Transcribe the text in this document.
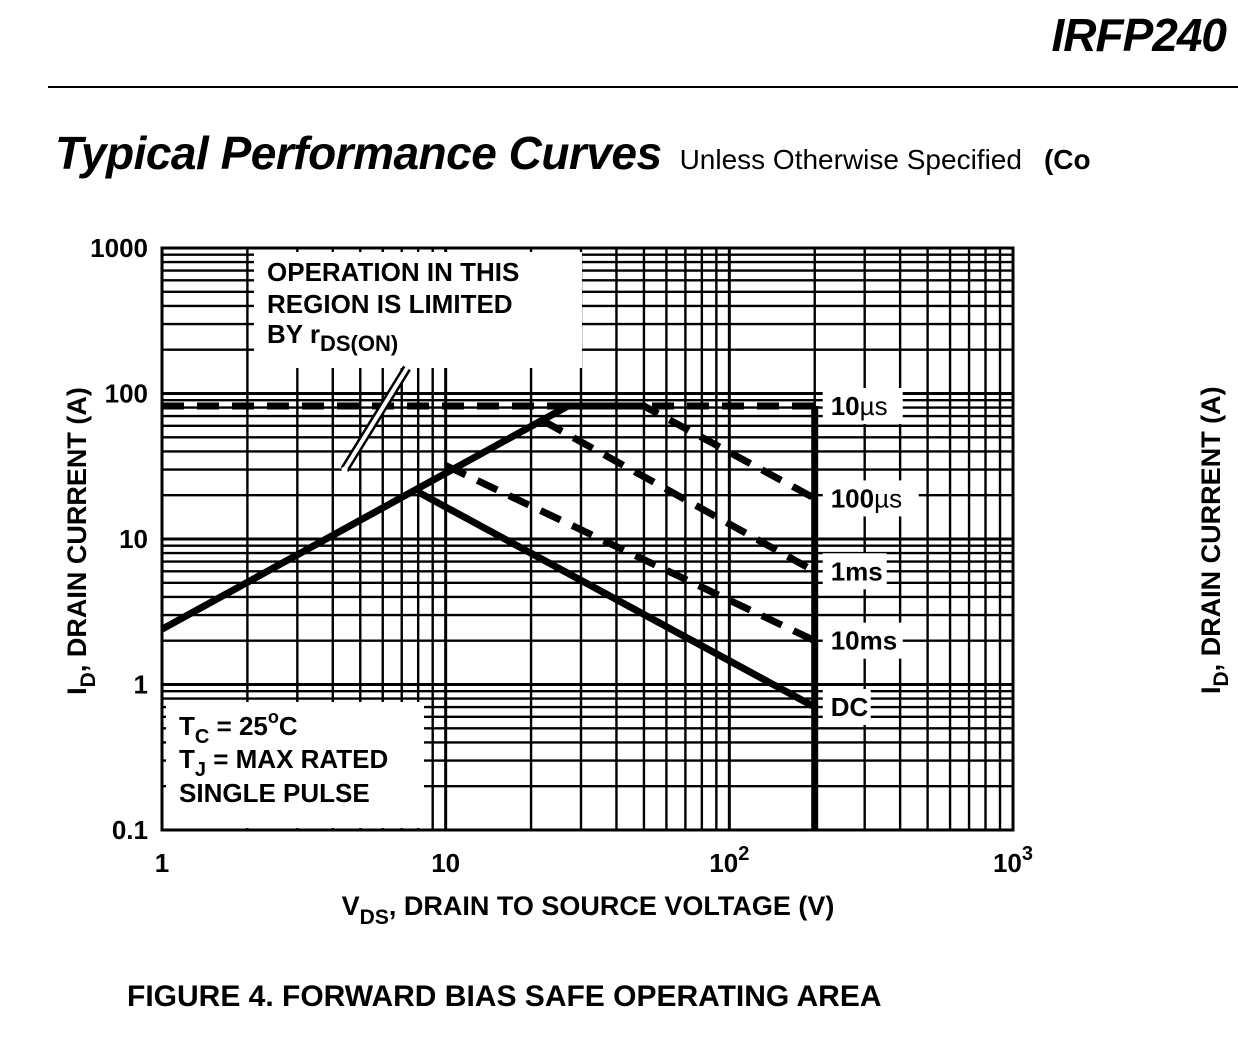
IRFP240
Typical Performance Curves Unless Otherwise Specified (Co
OPERATION IN THIS
REGION IS LIMITED
BY $r_{DS(ON)}$
$T_C = 25^oC$
$T_J$ = MAX RATED
SINGLE PULSE
10µs
100µs
1ms
10ms
DC
1	10	$10^2$	$10^3$
0.1
1
10
100
1000
$V_{DS}$, DRAIN TO SOURCE VOLTAGE (V)
$I_D$, DRAIN CURRENT (A)
FIGURE 4. FORWARD BIAS SAFE OPERATING AREA
$I_D$, DRAIN CURRENT (A)
